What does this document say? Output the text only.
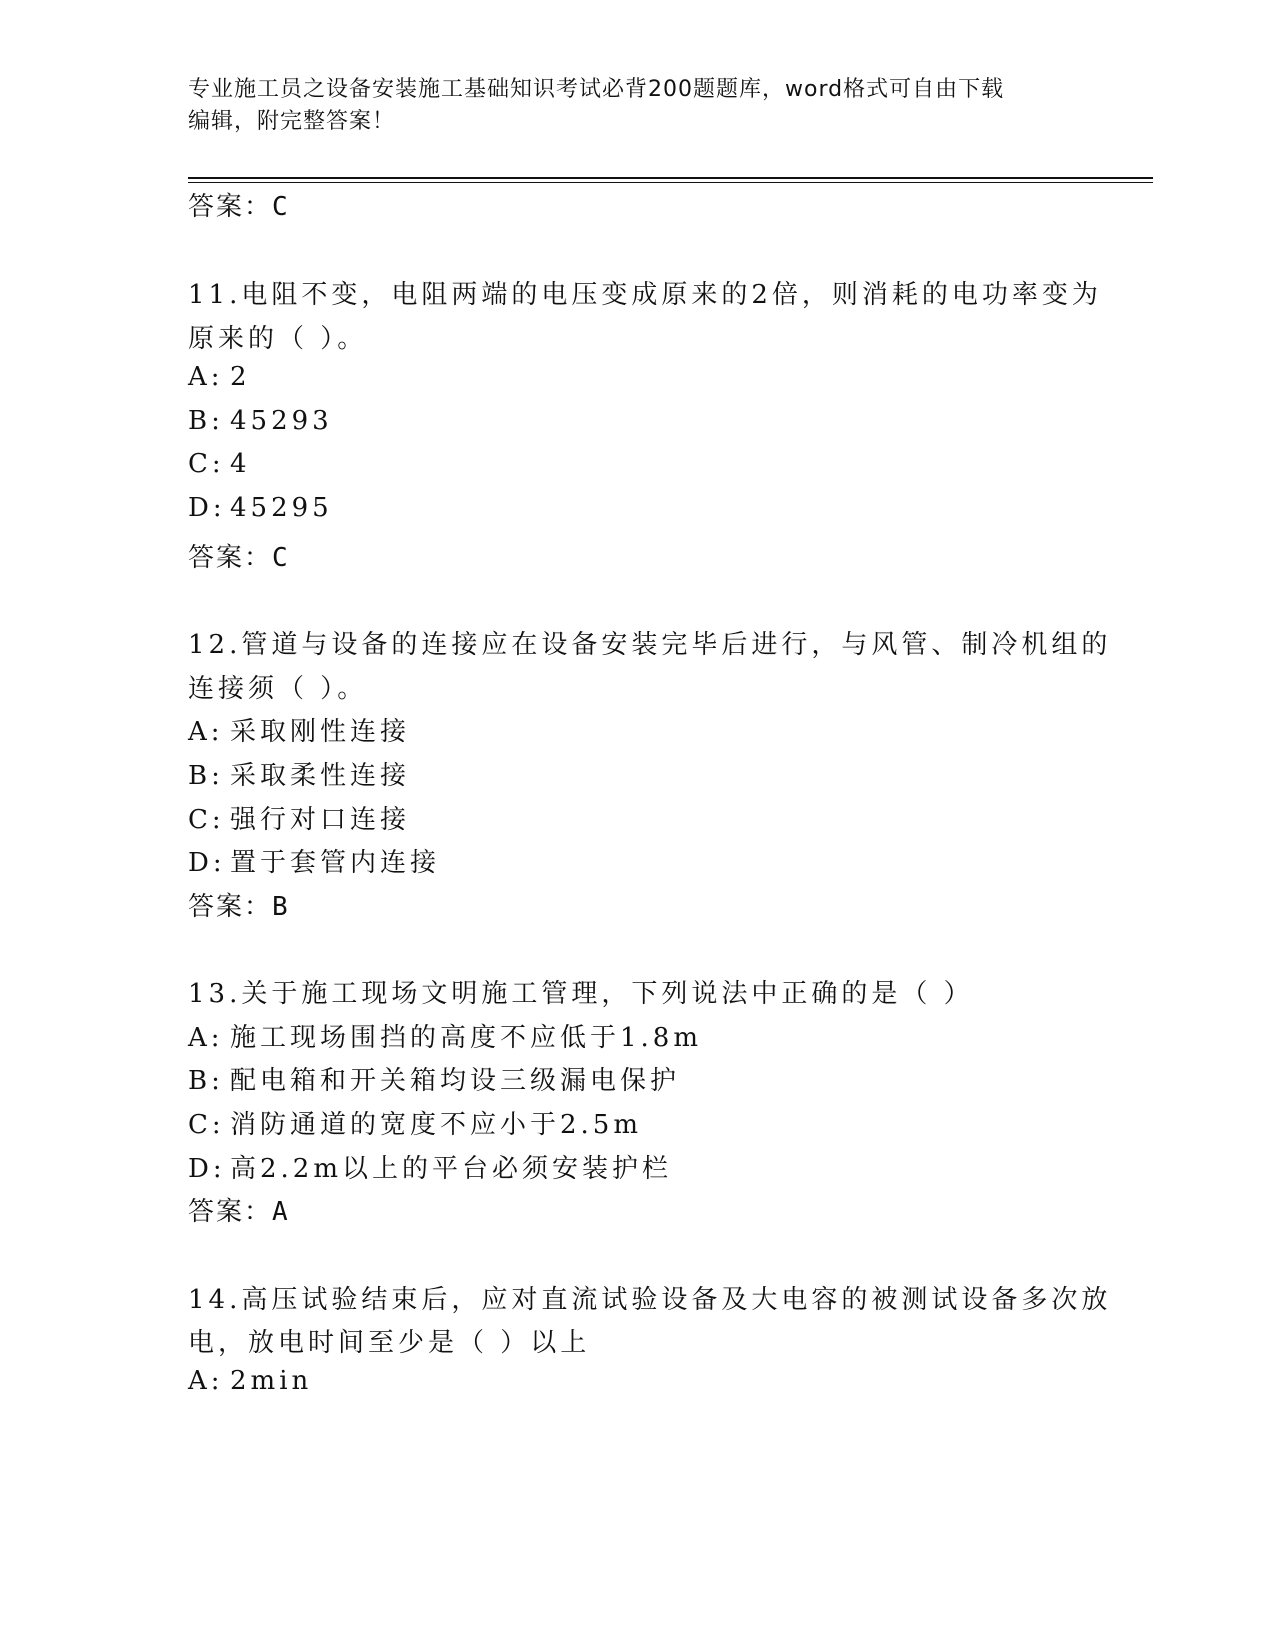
专业施工员之设备安装施工基础知识考试必背200题题库，word格式可自由下载
编辑，附完整答案！
答案：C
11.电阻不变，电阻两端的电压变成原来的2倍，则消耗的电功率变为
原来的（ ）。
A: 2
B: 45293
C: 4
D: 45295
答案：C
12.管道与设备的连接应在设备安装完毕后进行，与风管、制冷机组的
连接须（ ）。
A: 采取刚性连接
B: 采取柔性连接
C: 强行对口连接
D: 置于套管内连接
答案：B
13.关于施工现场文明施工管理，下列说法中正确的是（ ）
A: 施工现场围挡的高度不应低于1.8m
B: 配电箱和开关箱均设三级漏电保护
C: 消防通道的宽度不应小于2.5m
D: 高2.2m以上的平台必须安装护栏
答案：A
14.高压试验结束后，应对直流试验设备及大电容的被测试设备多次放
电，放电时间至少是（ ）以上
A: 2min
